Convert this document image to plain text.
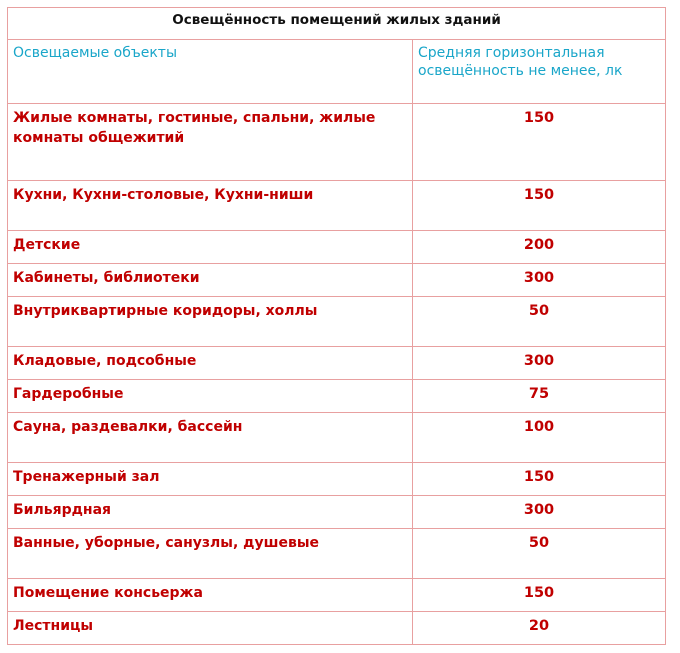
Освещённость помещений жилых зданий	
Освещаемые объекты	Средняя горизонтальная освещённость не менее, лк
Жилые комнаты, гостиные, спальни, жилые комнаты общежитий	150
Кухни, Кухни-столовые, Кухни-ниши	150
Детские	200
Кабинеты, библиотеки	300
Внутриквартирные коридоры, холлы	50
Кладовые, подсобные	300
Гардеробные	75
Сауна, раздевалки, бассейн	100
Тренажерный зал	150
Бильярдная	300
Ванные, уборные, санузлы, душевые	50
Помещение консьержа	150
Лестницы	20
